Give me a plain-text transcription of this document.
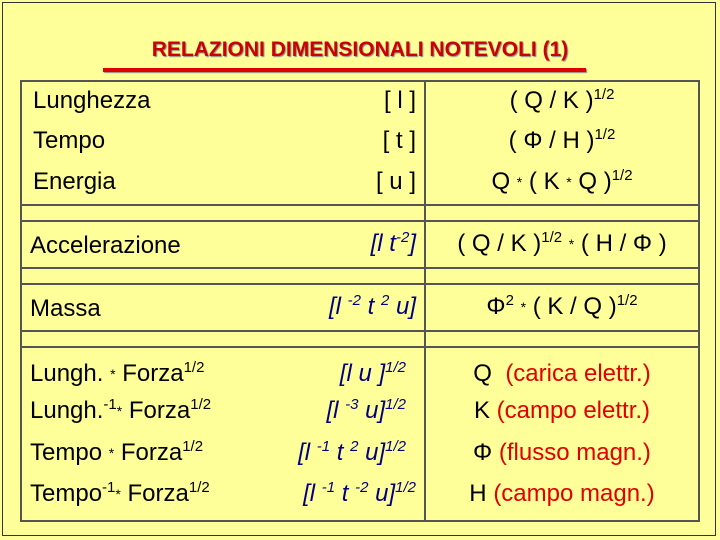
RELAZIONI DIMENSIONALI NOTEVOLI (1)
Lunghezza	[ l ]	( Q / K )$^{1/2}$
Tempo	[ t ]	( Φ / H )$^{1/2}$
Energia	[ u ]	Q * ( K * Q )$^{1/2}$
Accelerazione	[l $t^{-2}$]	( Q / K )$^{1/2}$ * ( H / Φ )
Massa	[l $^{-2}$ t $^2$ u]	$\Phi^2$ * ( K / Q )$^{1/2}$
Lungh. * Forza$^{1/2}$	[l u ]$^{1/2}$	Q (carica elettr.)
Lungh.$^{-1}$* Forza$^{1/2}$	[l $^{-3}$ u]$^{1/2}$	K (campo elettr.)
Tempo * Forza$^{1/2}$	[l $^{-1}$ t $^2$ u]$^{1/2}$	Φ (flusso magn.)
Tempo$^{-1}$* Forza$^{1/2}$	[l $^{-1}$ t $^{-2}$ u]$^{1/2}$	H (campo magn.)
